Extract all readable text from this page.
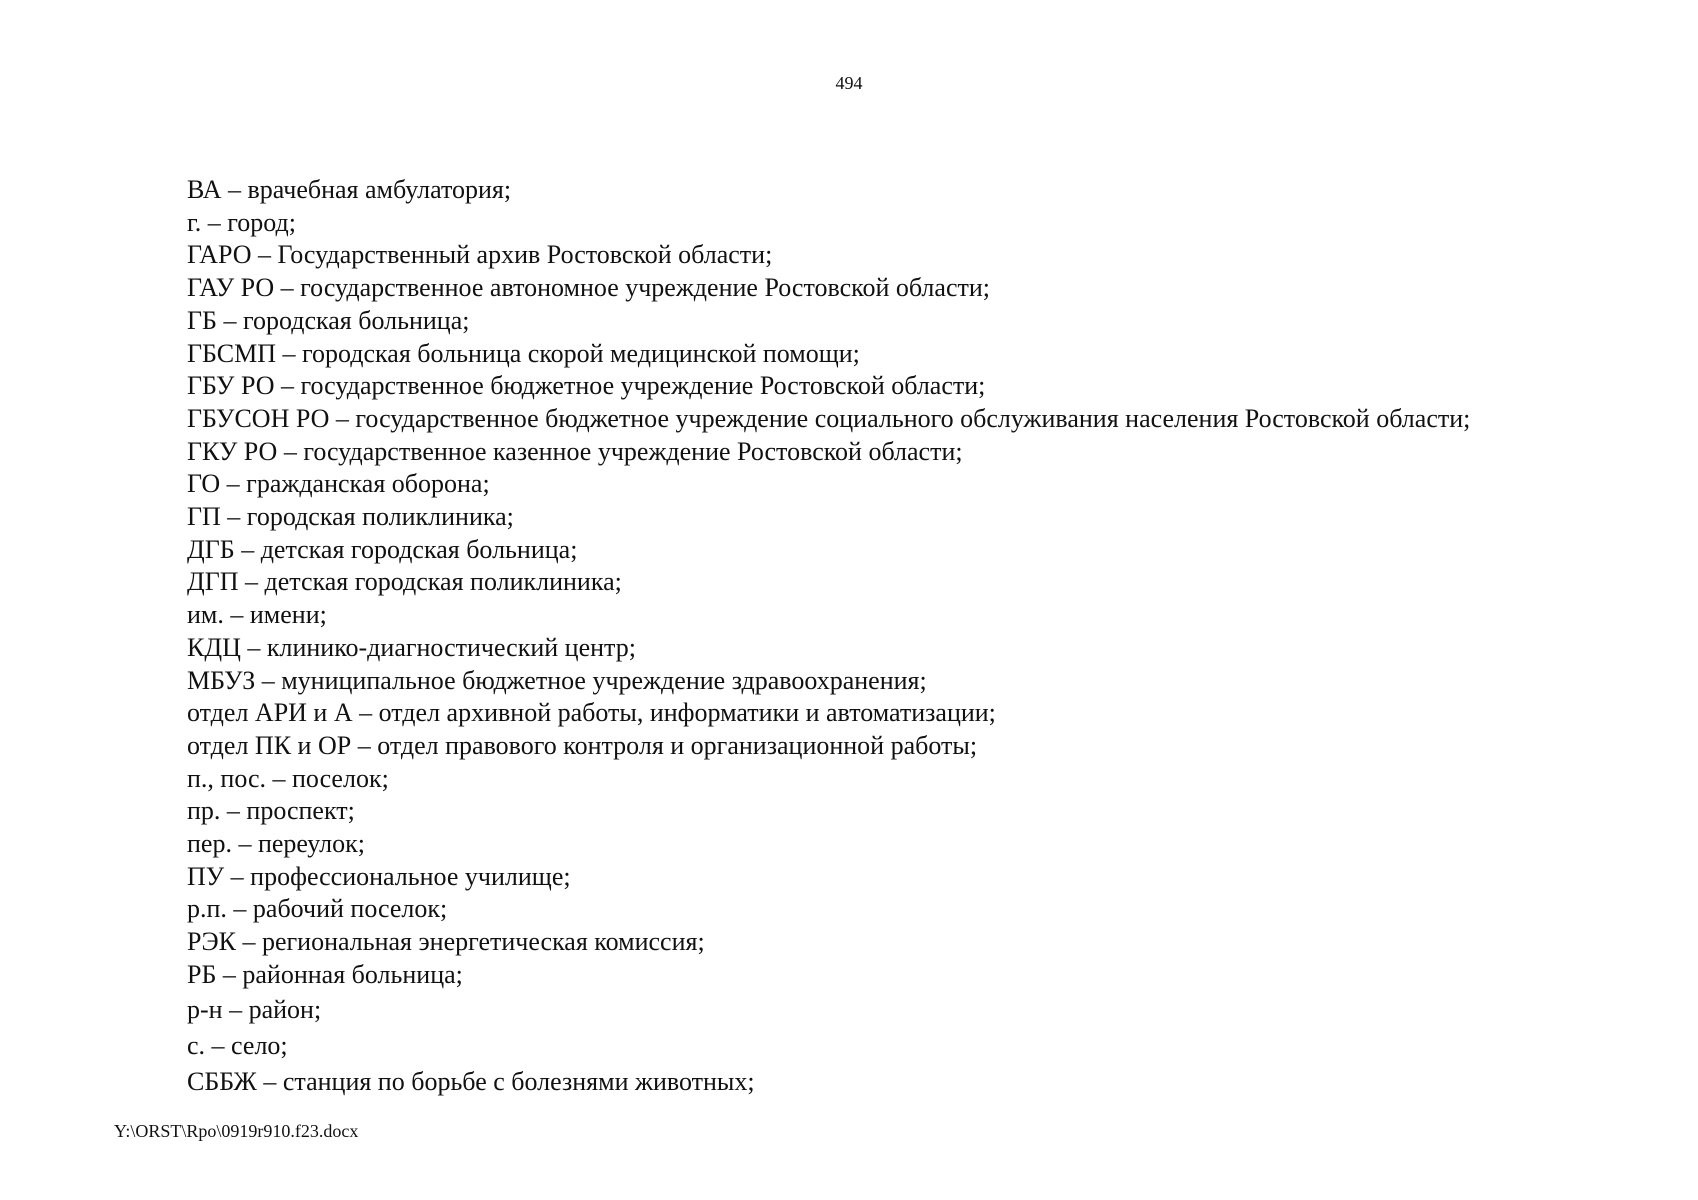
494
ВА – врачебная амбулатория;
г. – город;
ГАРО – Государственный архив Ростовской области;
ГАУ РО – государственное автономное учреждение Ростовской области;
ГБ – городская больница;
ГБСМП – городская больница скорой медицинской помощи;
ГБУ РО – государственное бюджетное учреждение Ростовской области;
ГБУСОН РО – государственное бюджетное учреждение социального обслуживания населения Ростовской области;
ГКУ РО – государственное казенное учреждение Ростовской области;
ГО – гражданская оборона;
ГП – городская поликлиника;
ДГБ – детская городская больница;
ДГП – детская городская поликлиника;
им. – имени;
КДЦ – клинико-диагностический центр;
МБУЗ – муниципальное бюджетное учреждение здравоохранения;
отдел АРИ и А – отдел архивной работы, информатики и автоматизации;
отдел ПК и ОР – отдел правового контроля и организационной работы;
п., пос. – поселок;
пр. – проспект;
пер. – переулок;
ПУ – профессиональное училище;
р.п. – рабочий поселок;
РЭК – региональная энергетическая комиссия;
РБ – районная больница;
р-н – район;
с. – село;
СББЖ – станция по борьбе с болезнями животных;
Y:\ORST\Rpo\0919r910.f23.docx
